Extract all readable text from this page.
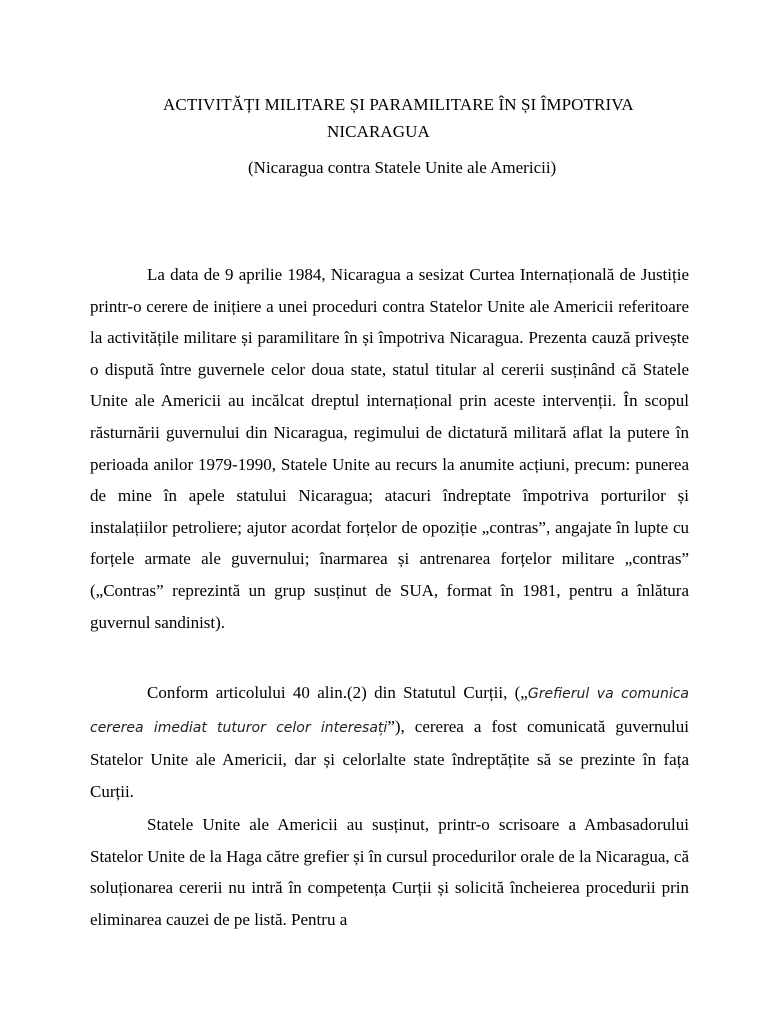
ACTIVITĂȚI MILITARE ȘI PARAMILITARE ÎN ȘI ÎMPOTRIVA
NICARAGUA
(Nicaragua contra Statele Unite ale Americii)

La data de 9 aprilie 1984, Nicaragua a sesizat Curtea Internațională de Justiție printr-o cerere de inițiere a unei proceduri contra Statelor Unite ale Americii referitoare la activitățile militare și paramilitare în și împotriva Nicaragua. Prezenta cauză privește o dispută între guvernele celor doua state, statul titular al cererii susținând că Statele Unite ale Americii au incălcat dreptul internațional prin aceste intervenții. În scopul răsturnării guvernului din Nicaragua, regimului de dictatură militară aflat la putere în perioada anilor 1979-1990, Statele Unite au recurs la anumite acțiuni, precum: punerea de mine în apele statului Nicaragua; atacuri îndreptate împotriva porturilor și instalațiilor petroliere; ajutor acordat forțelor de opoziție „contras”, angajate în lupte cu forțele armate ale guvernului; înarmarea și antrenarea forțelor militare „contras” („Contras” reprezintă un grup susținut de SUA, format în 1981, pentru a înlătura guvernul sandinist).

Conform articolului 40 alin.(2) din Statutul Curții, („Grefierul va comunica cererea imediat tuturor celor interesați”), cererea a fost comunicată guvernului Statelor Unite ale Americii, dar și celorlalte state îndreptățite să se prezinte în fața Curții.

Statele Unite ale Americii au susținut, printr-o scrisoare a Ambasadorului Statelor Unite de la Haga către grefier și în cursul procedurilor orale de la Nicaragua, că soluționarea cererii nu intră în competența Curții și solicită încheierea procedurii prin eliminarea cauzei de pe listă. Pentru a
